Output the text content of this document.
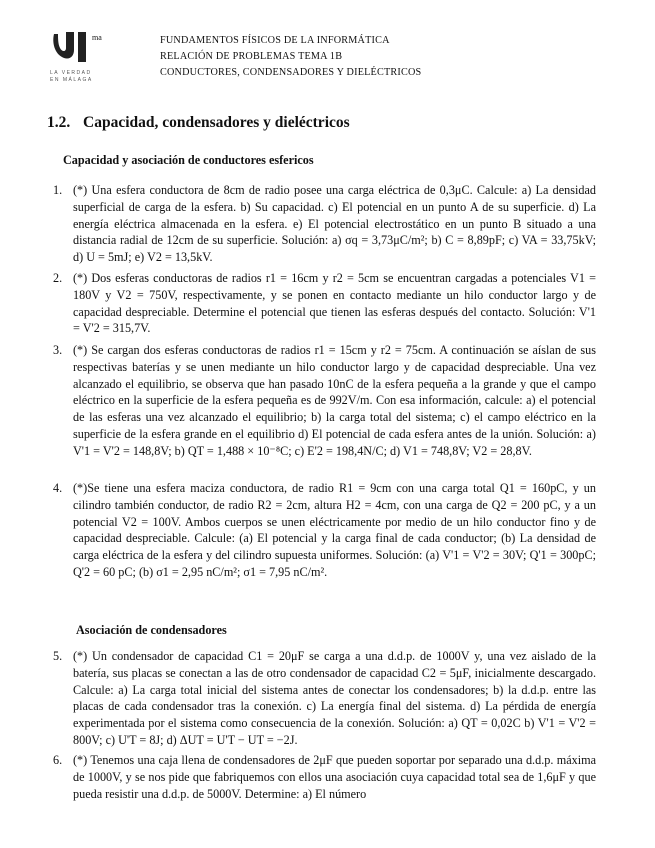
ma
LA VERDAD
EN MÁLAGA
FUNDAMENTOS FÍSICOS DE LA INFORMÁTICA
RELACIÓN DE PROBLEMAS TEMA 1B
CONDUCTORES, CONDENSADORES Y DIELÉCTRICOS
1.2. Capacidad, condensadores y dieléctricos
Capacidad y asociación de conductores esfericos
1. (*) Una esfera conductora de 8cm de radio posee una carga eléctrica de 0,3μC. Calcule: a) La densidad superficial de carga de la esfera. b) Su capacidad. c) El potencial en un punto A de su superficie. d) La energía eléctrica almacenada en la esfera. e) El potencial electrostático en un punto B situado a una distancia radial de 12cm de su superficie. Solución: a) σq = 3,73μC/m²; b) C = 8,89pF; c) VA = 33,75kV; d) U = 5mJ; e) V2 = 13,5kV.
2. (*) Dos esferas conductoras de radios r1 = 16cm y r2 = 5cm se encuentran cargadas a potenciales V1 = 180V y V2 = 750V, respectivamente, y se ponen en contacto mediante un hilo conductor largo y de capacidad despreciable. Determine el potencial que tienen las esferas después del contacto. Solución: V'1 = V'2 = 315,7V.
3. (*) Se cargan dos esferas conductoras de radios r1 = 15cm y r2 = 75cm. A continuación se aíslan de sus respectivas baterías y se unen mediante un hilo conductor largo y de capacidad despreciable. Una vez alcanzado el equilibrio, se observa que han pasado 10nC de la esfera pequeña a la grande y que el campo eléctrico en la superficie de la esfera pequeña es de 992V/m. Con esa información, calcule: a) el potencial de las esferas una vez alcanzado el equilibrio; b) la carga total del sistema; c) el campo eléctrico en la superficie de la esfera grande en el equilibrio d) El potencial de cada esfera antes de la unión. Solución: a) V'1 = V'2 = 148,8V; b) QT = 1,488 × 10⁻⁸C; c) E'2 = 198,4N/C; d) V1 = 748,8V; V2 = 28,8V.
4. (*)Se tiene una esfera maciza conductora, de radio R1 = 9cm con una carga total Q1 = 160pC, y un cilindro también conductor, de radio R2 = 2cm, altura H2 = 4cm, con una carga de Q2 = 200 pC, y a un potencial V2 = 100V. Ambos cuerpos se unen eléctricamente por medio de un hilo conductor fino y de capacidad despreciable. Calcule: (a) El potencial y la carga final de cada conductor; (b) La densidad de carga eléctrica de la esfera y del cilindro supuesta uniformes. Solución: (a) V'1 = V'2 = 30V; Q'1 = 300pC; Q'2 = 60 pC; (b) σ1 = 2,95 nC/m²; σ1 = 7,95 nC/m².
Asociación de condensadores
5. (*) Un condensador de capacidad C1 = 20μF se carga a una d.d.p. de 1000V y, una vez aislado de la batería, sus placas se conectan a las de otro condensador de capacidad C2 = 5μF, inicialmente descargado. Calcule: a) La carga total inicial del sistema antes de conectar los condensadores; b) la d.d.p. entre las placas de cada condensador tras la conexión. c) La energía final del sistema. d) La pérdida de energía experimentada por el sistema como consecuencia de la conexión. Solución: a) QT = 0,02C b) V'1 = V'2 = 800V; c) U'T = 8J; d) ΔUT = U'T − UT = −2J.
6. (*) Tenemos una caja llena de condensadores de 2μF que pueden soportar por separado una d.d.p. máxima de 1000V, y se nos pide que fabriquemos con ellos una asociación cuya capacidad total sea de 1,6μF y que pueda resistir una d.d.p. de 5000V. Determine: a) El número
